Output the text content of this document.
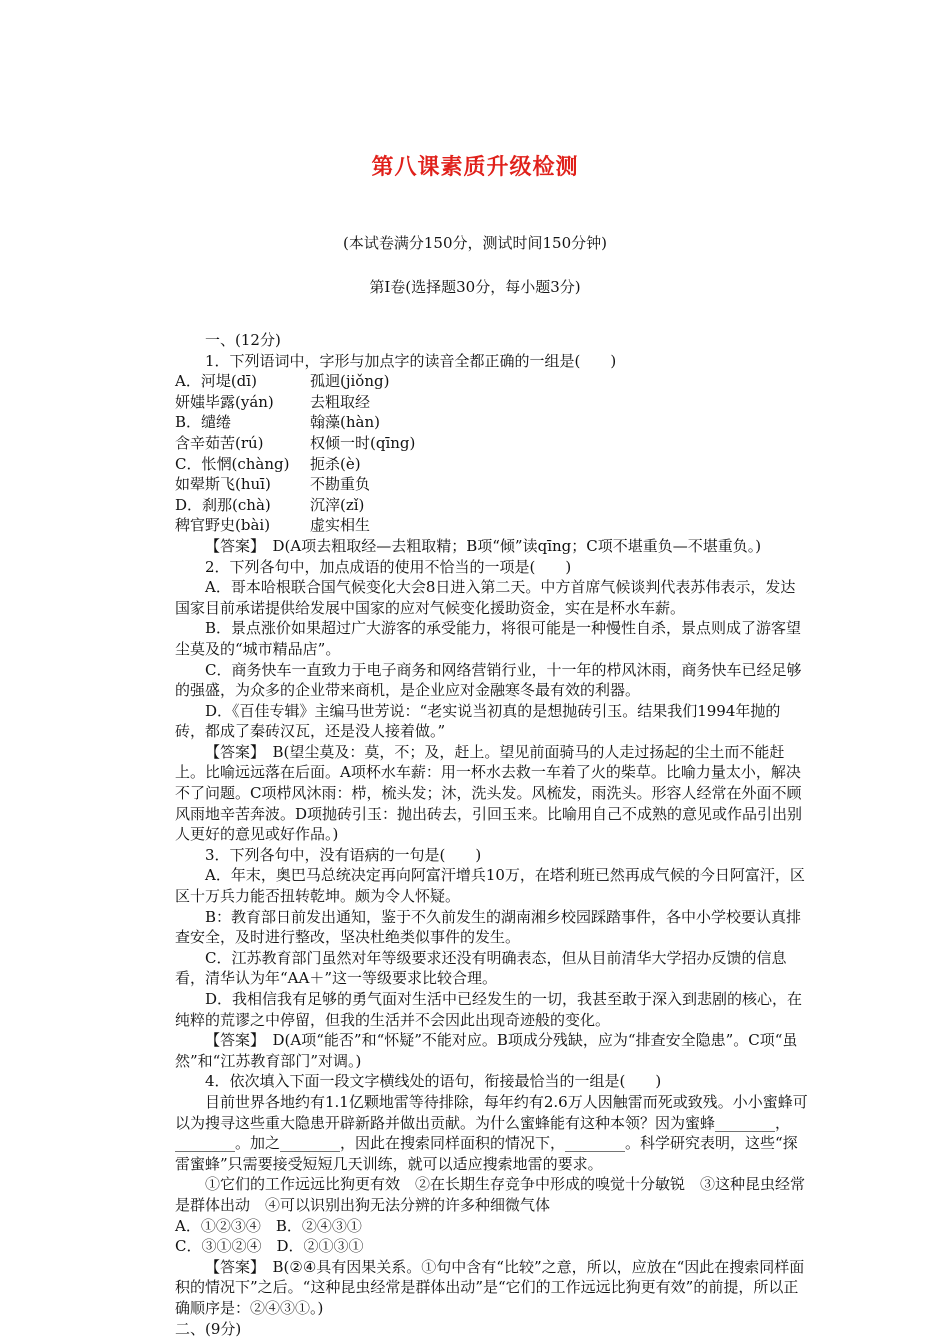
第八课素质升级检测
(本试卷满分150分，测试时间150分钟)
第Ⅰ卷(选择题30分，每小题3分)

一、(12分)

1．下列语词中，字形与加点字的读音全都正确的一组是(　　)

A．河堤(dī)	孤迥(jiǒng)

妍媸毕露(yán) 去粗取经

B．缱绻	翰藻(hàn)

含辛茹苦(rú)	权倾一时(qīng)

C．怅惘(chàng) 扼杀(è)

如翚斯飞(huī)	不勘重负

D．刹那(chà)	沉滓(zǐ)

稗官野史(bài)	虚实相生

【答案】　D(A项去粗取经—去粗取精；B项“倾”读qīng；C项不堪重负—不堪重负。)

2．下列各句中，加点成语的使用不恰当的一项是(　　)

A．哥本哈根联合国气候变化大会8日进入第二天。中方首席气候谈判代表苏伟表示，发达国家目前承诺提供给发展中国家的应对气候变化援助资金，实在是杯水车薪。

B．景点涨价如果超过广大游客的承受能力，将很可能是一种慢性自杀，景点则成了游客望尘莫及的“城市精品店”。

C．商务快车一直致力于电子商务和网络营销行业，十一年的栉风沐雨，商务快车已经足够的强盛，为众多的企业带来商机，是企业应对金融寒冬最有效的利器。

D．《百佳专辑》主编马世芳说：“老实说当初真的是想抛砖引玉。结果我们1994年抛的砖，都成了秦砖汉瓦，还是没人接着做。”

【答案】　B(望尘莫及：莫，不；及，赶上。望见前面骑马的人走过扬起的尘土而不能赶上。比喻远远落在后面。A项杯水车薪：用一杯水去救一车着了火的柴草。比喻力量太小，解决不了问题。C项栉风沐雨：栉，梳头发；沐，洗头发。风梳发，雨洗头。形容人经常在外面不顾风雨地辛苦奔波。D项抛砖引玉：抛出砖去，引回玉来。比喻用自己不成熟的意见或作品引出别人更好的意见或好作品。)

3．下列各句中，没有语病的一句是(　　)

A．年末，奥巴马总统决定再向阿富汗增兵10万，在塔利班已然再成气候的今日阿富汗，区区十万兵力能否扭转乾坤。颇为令人怀疑。

B：教育部日前发出通知，鉴于不久前发生的湖南湘乡校园踩踏事件，各中小学校要认真排查安全，及时进行整改，坚决杜绝类似事件的发生。

C．江苏教育部门虽然对年等级要求还没有明确表态，但从目前清华大学招办反馈的信息看，清华认为年“AA＋”这一等级要求比较合理。

D．我相信我有足够的勇气面对生活中已经发生的一切，我甚至敢于深入到悲剧的核心，在纯粹的荒谬之中停留，但我的生活并不会因此出现奇迹般的变化。

【答案】　D(A项“能否”和“怀疑”不能对应。B项成分残缺，应为“排查安全隐患”。C项“虽然”和“江苏教育部门”对调。)

4．依次填入下面一段文字横线处的语句，衔接最恰当的一组是(　　)

目前世界各地约有1.1亿颗地雷等待排除，每年约有2.6万人因触雷而死或致残。小小蜜蜂可以为搜寻这些重大隐患开辟新路并做出贡献。为什么蜜蜂能有这种本领？因为蜜蜂________，________。加之________，因此在搜索同样面积的情况下，________。科学研究表明，这些“探雷蜜蜂”只需要接受短短几天训练，就可以适应搜索地雷的要求。

①它们的工作远远比狗更有效　②在长期生存竞争中形成的嗅觉十分敏锐　③这种昆虫经常是群体出动　④可以识别出狗无法分辨的许多种细微气体

A．①②③④　B．②④③①

C．③①②④　D．②①③①

【答案】　B(②④具有因果关系。①句中含有“比较”之意，所以，应放在“因此在搜索同样面积的情况下”之后。“这种昆虫经常是群体出动”是“它们的工作远远比狗更有效”的前提，所以正确顺序是：②④③①。)

二、(9分)
